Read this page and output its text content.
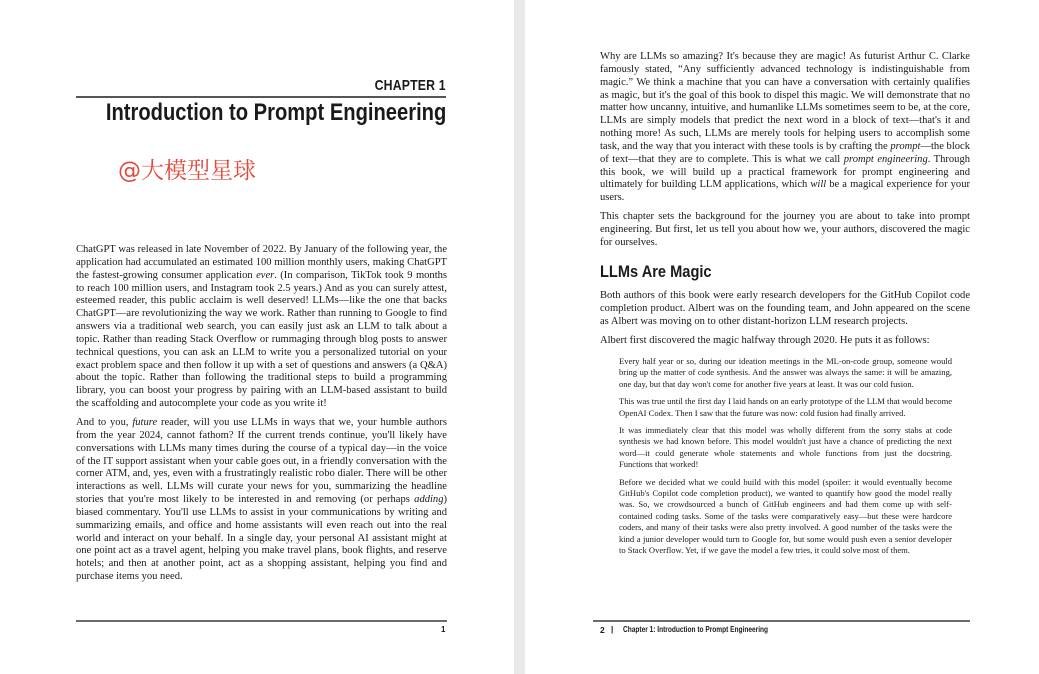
CHAPTER 1
Introduction to Prompt Engineering
@大模型星球

ChatGPT was released in late November of 2022. By January of the following year, the application had accumulated an estimated 100 million monthly users, making ChatGPT the fastest-growing consumer application ever. (In comparison, TikTok took 9 months to reach 100 million users, and Instagram took 2.5 years.) And as you can surely attest, esteemed reader, this public acclaim is well deserved! LLMs—like the one that backs ChatGPT—are revolutionizing the way we work. Rather than running to Google to find answers via a traditional web search, you can easily just ask an LLM to talk about a topic. Rather than reading Stack Overflow or rummaging through blog posts to answer technical questions, you can ask an LLM to write you a personalized tutorial on your exact problem space and then follow it up with a set of questions and answers (a Q&A) about the topic. Rather than following the traditional steps to build a programming library, you can boost your progress by pairing with an LLM-based assistant to build the scaffolding and autocomplete your code as you write it!

And to you, future reader, will you use LLMs in ways that we, your humble authors from the year 2024, cannot fathom? If the current trends continue, you'll likely have conversations with LLMs many times during the course of a typical day—in the voice of the IT support assistant when your cable goes out, in a friendly conversation with the corner ATM, and, yes, even with a frustratingly realistic robo dialer. There will be other interactions as well. LLMs will curate your news for you, summarizing the headline stories that you're most likely to be interested in and removing (or perhaps adding) biased commentary. You'll use LLMs to assist in your communications by writing and summarizing emails, and office and home assistants will even reach out into the real world and interact on your behalf. In a single day, your personal AI assistant might at one point act as a travel agent, helping you make travel plans, book flights, and reserve hotels; and then at another point, act as a shopping assistant, helping you find and purchase items you need.

1

Why are LLMs so amazing? It's because they are magic! As futurist Arthur C. Clarke famously stated, “Any sufficiently advanced technology is indistinguishable from magic.” We think a machine that you can have a conversation with certainly qualifies as magic, but it's the goal of this book to dispel this magic. We will demonstrate that no matter how uncanny, intuitive, and humanlike LLMs sometimes seem to be, at the core, LLMs are simply models that predict the next word in a block of text—that's it and nothing more! As such, LLMs are merely tools for helping users to accomplish some task, and the way that you interact with these tools is by crafting the prompt—the block of text—that they are to complete. This is what we call prompt engineering. Through this book, we will build up a practical framework for prompt engineering and ultimately for building LLM applications, which will be a magical experience for your users.

This chapter sets the background for the journey you are about to take into prompt engineering. But first, let us tell you about how we, your authors, discovered the magic for ourselves.

LLMs Are Magic

Both authors of this book were early research developers for the GitHub Copilot code completion product. Albert was on the founding team, and John appeared on the scene as Albert was moving on to other distant-horizon LLM research projects.

Albert first discovered the magic halfway through 2020. He puts it as follows:

Every half year or so, during our ideation meetings in the ML-on-code group, someone would bring up the matter of code synthesis. And the answer was always the same: it will be amazing, one day, but that day won't come for another five years at least. It was our cold fusion.

This was true until the first day I laid hands on an early prototype of the LLM that would become OpenAI Codex. Then I saw that the future was now: cold fusion had finally arrived.

It was immediately clear that this model was wholly different from the sorry stabs at code synthesis we had known before. This model wouldn't just have a chance of predicting the next word—it could generate whole statements and whole functions from just the docstring. Functions that worked!

Before we decided what we could build with this model (spoiler: it would eventually become GitHub's Copilot code completion product), we wanted to quantify how good the model really was. So, we crowdsourced a bunch of GitHub engineers and had them come up with self-contained coding tasks. Some of the tasks were comparatively easy—but these were hardcore coders, and many of their tasks were also pretty involved. A good number of the tasks were the kind a junior developer would turn to Google for, but some would push even a senior developer to Stack Overflow. Yet, if we gave the model a few tries, it could solve most of them.

2 | Chapter 1: Introduction to Prompt Engineering
